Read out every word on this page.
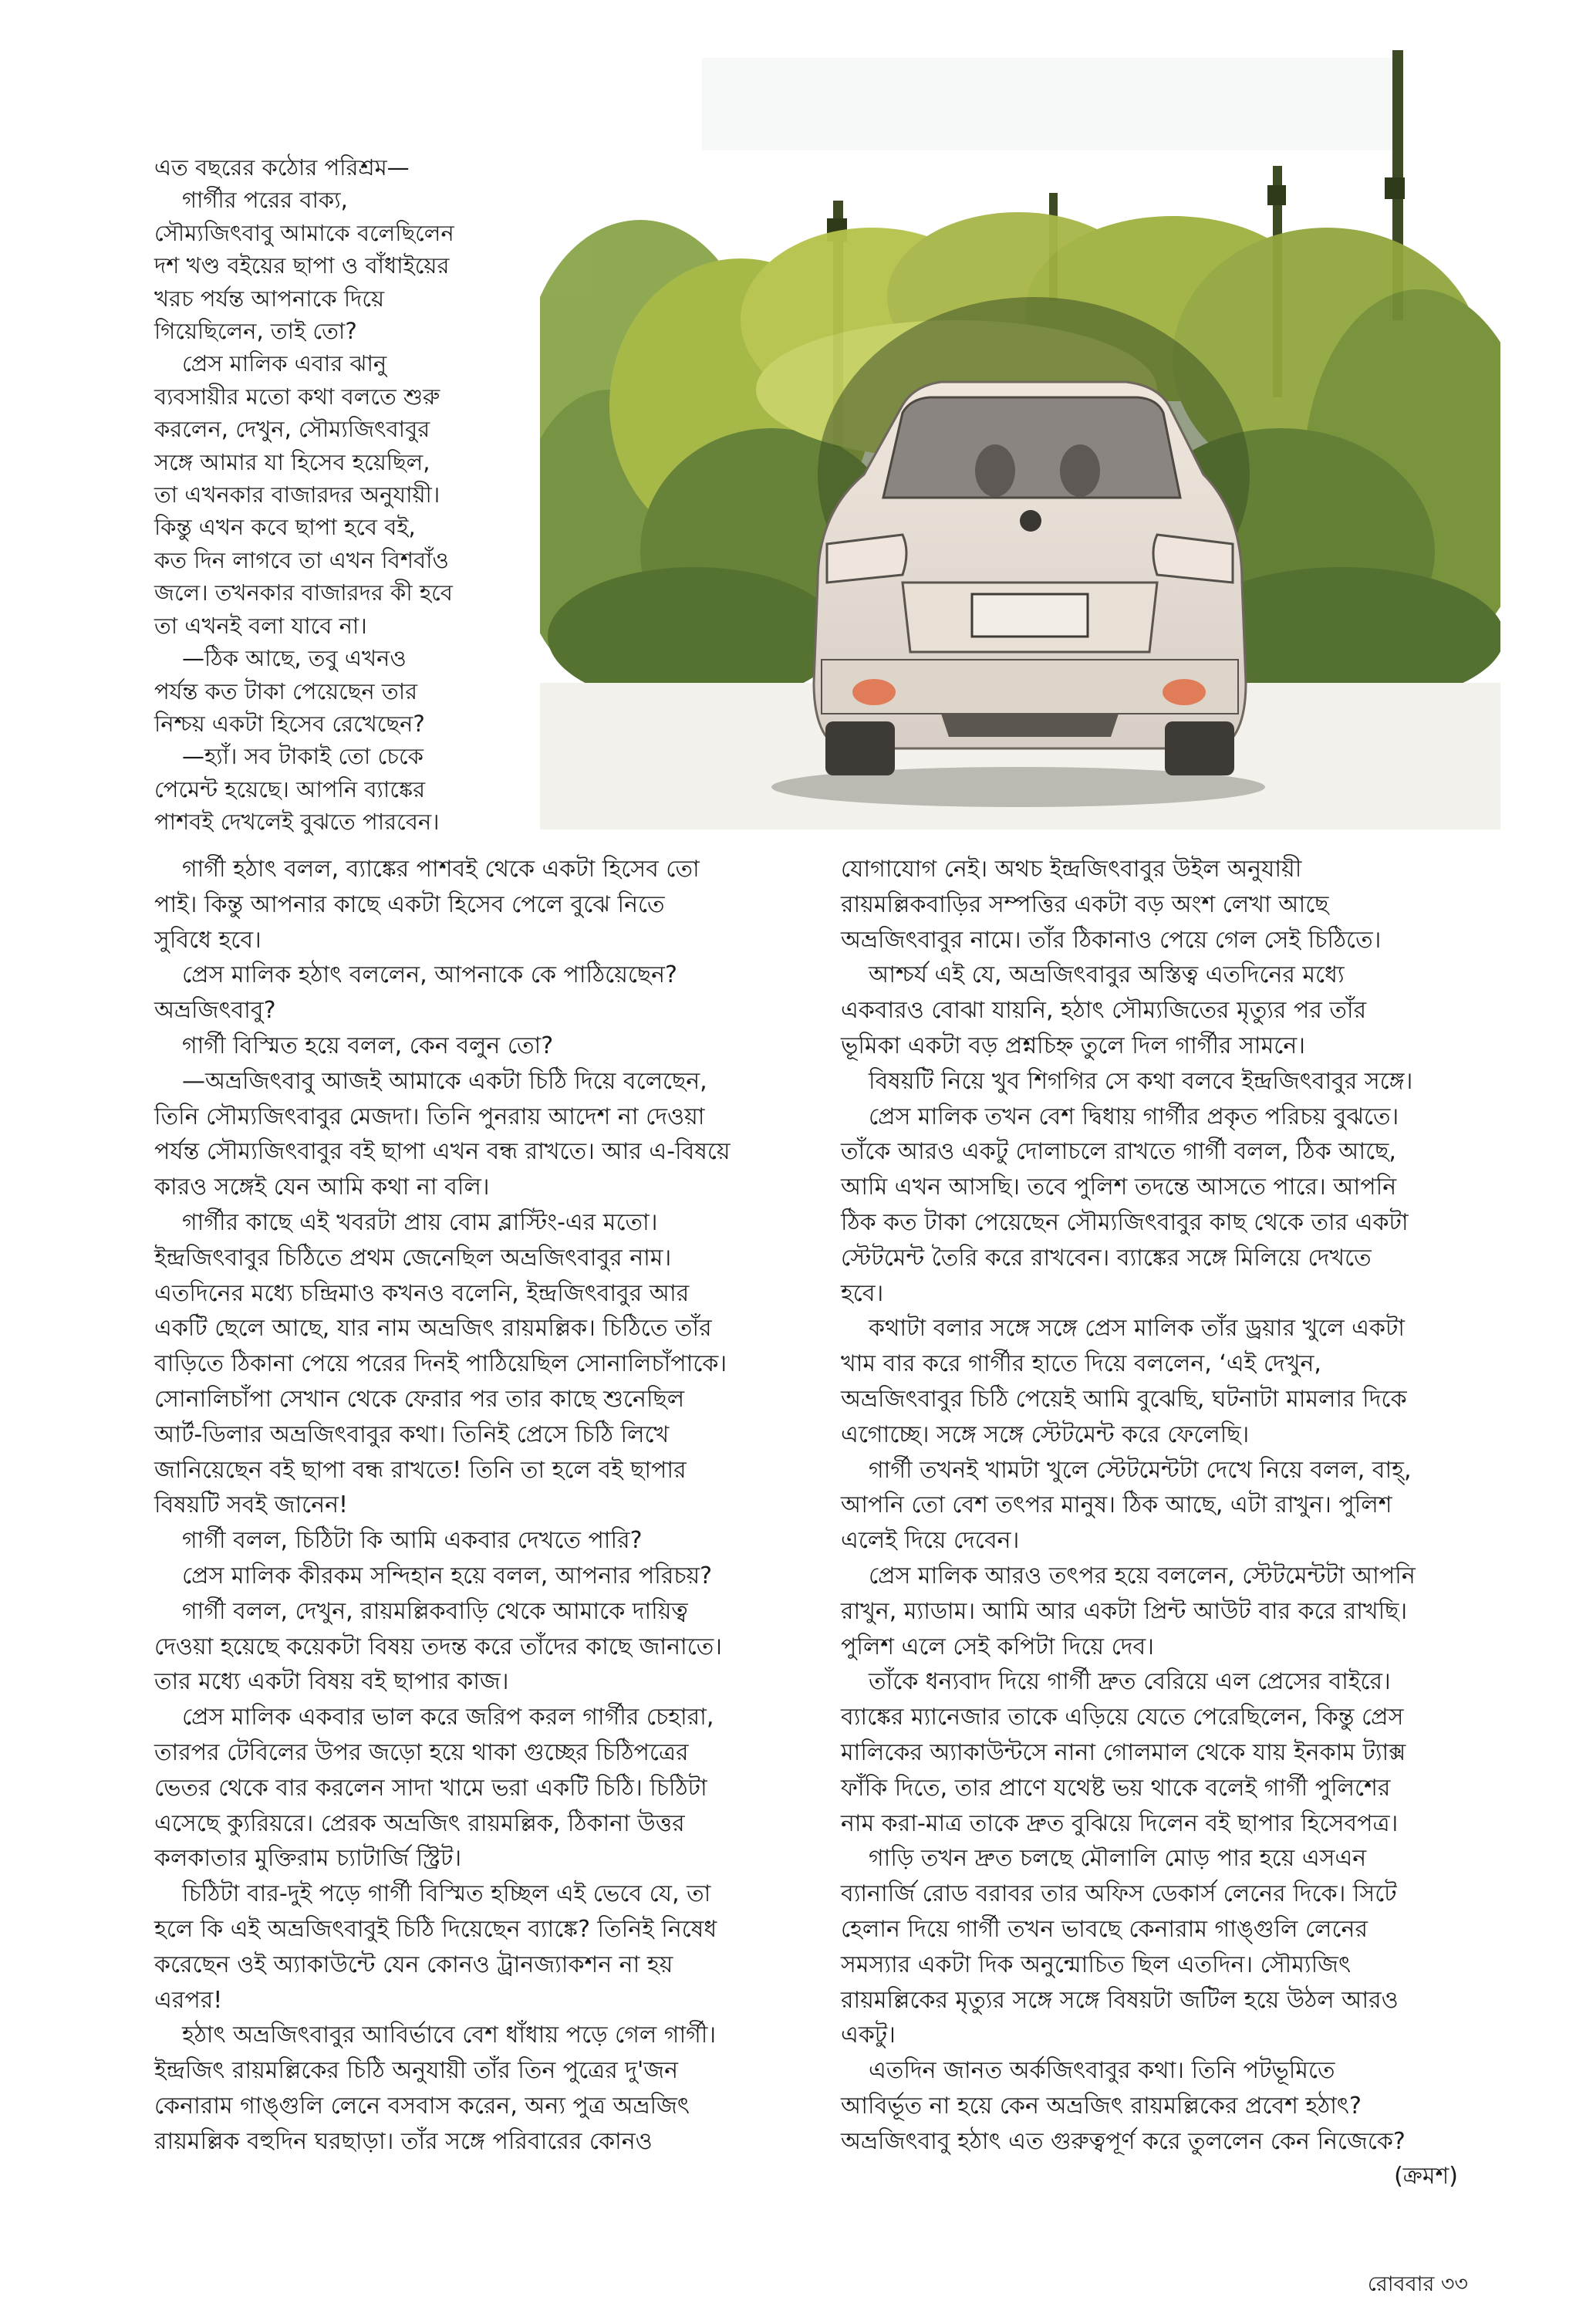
এত বছরের কঠোর পরিশ্রম—

গার্গীর পরের বাক্য,

সৌম্যজিৎবাবু আমাকে বলেছিলেন

দশ খণ্ড বইয়ের ছাপা ও বাঁধাইয়ের

খরচ পর্যন্ত আপনাকে দিয়ে

গিয়েছিলেন, তাই তো?

প্রেস মালিক এবার ঝানু

ব্যবসায়ীর মতো কথা বলতে শুরু

করলেন, দেখুন, সৌম্যজিৎবাবুর

সঙ্গে আমার যা হিসেব হয়েছিল,

তা এখনকার বাজারদর অনুযায়ী।

কিন্তু এখন কবে ছাপা হবে বই,

কত দিন লাগবে তা এখন বিশবাঁও

জলে। তখনকার বাজারদর কী হবে

তা এখনই বলা যাবে না।

—ঠিক আছে, তবু এখনও

পর্যন্ত কত টাকা পেয়েছেন তার

নিশ্চয় একটা হিসেব রেখেছেন?

—হ্যাঁ। সব টাকাই তো চেকে

পেমেন্ট হয়েছে। আপনি ব্যাঙ্কের

পাশবই দেখলেই বুঝতে পারবেন।

গার্গী হঠাৎ বলল, ব্যাঙ্কের পাশবই থেকে একটা হিসেব তো

পাই। কিন্তু আপনার কাছে একটা হিসেব পেলে বুঝে নিতে

সুবিধে হবে।

প্রেস মালিক হঠাৎ বললেন, আপনাকে কে পাঠিয়েছেন?

অভ্রজিৎবাবু?

গার্গী বিস্মিত হয়ে বলল, কেন বলুন তো?

—অভ্রজিৎবাবু আজই আমাকে একটা চিঠি দিয়ে বলেছেন,

তিনি সৌম্যজিৎবাবুর মেজদা। তিনি পুনরায় আদেশ না দেওয়া

পর্যন্ত সৌম্যজিৎবাবুর বই ছাপা এখন বন্ধ রাখতে। আর এ-বিষয়ে

কারও সঙ্গেই যেন আমি কথা না বলি।

গার্গীর কাছে এই খবরটা প্রায় বোম ব্লাস্টিং-এর মতো।

ইন্দ্রজিৎবাবুর চিঠিতে প্রথম জেনেছিল অভ্রজিৎবাবুর নাম।

এতদিনের মধ্যে চন্দ্রিমাও কখনও বলেনি, ইন্দ্রজিৎবাবুর আর

একটি ছেলে আছে, যার নাম অভ্রজিৎ রায়মল্লিক। চিঠিতে তাঁর

বাড়িতে ঠিকানা পেয়ে পরের দিনই পাঠিয়েছিল সোনালিচাঁপাকে।

সোনালিচাঁপা সেখান থেকে ফেরার পর তার কাছে শুনেছিল

আর্ট-ডিলার অভ্রজিৎবাবুর কথা। তিনিই প্রেসে চিঠি লিখে

জানিয়েছেন বই ছাপা বন্ধ রাখতে! তিনি তা হলে বই ছাপার

বিষয়টি সবই জানেন!

গার্গী বলল, চিঠিটা কি আমি একবার দেখতে পারি?

প্রেস মালিক কীরকম সন্দিহান হয়ে বলল, আপনার পরিচয়?

গার্গী বলল, দেখুন, রায়মল্লিকবাড়ি থেকে আমাকে দায়িত্ব

দেওয়া হয়েছে কয়েকটা বিষয় তদন্ত করে তাঁদের কাছে জানাতে।

তার মধ্যে একটা বিষয় বই ছাপার কাজ।

প্রেস মালিক একবার ভাল করে জরিপ করল গার্গীর চেহারা,

তারপর টেবিলের উপর জড়ো হয়ে থাকা গুচ্ছের চিঠিপত্রের

ভেতর থেকে বার করলেন সাদা খামে ভরা একটি চিঠি। চিঠিটা

এসেছে ক্যুরিয়রে। প্রেরক অভ্রজিৎ রায়মল্লিক, ঠিকানা উত্তর

কলকাতার মুক্তিরাম চ্যাটার্জি স্ট্রিট।

চিঠিটা বার-দুই পড়ে গার্গী বিস্মিত হচ্ছিল এই ভেবে যে, তা

হলে কি এই অভ্রজিৎবাবুই চিঠি দিয়েছেন ব্যাঙ্কে? তিনিই নিষেধ

করেছেন ওই অ্যাকাউন্টে যেন কোনও ট্রানজ্যাকশন না হয়

এরপর!

হঠাৎ অভ্রজিৎবাবুর আবির্ভাবে বেশ ধাঁধায় পড়ে গেল গার্গী।

ইন্দ্রজিৎ রায়মল্লিকের চিঠি অনুযায়ী তাঁর তিন পুত্রের দু'জন

কেনারাম গাঙ্গুলি লেনে বসবাস করেন, অন্য পুত্র অভ্রজিৎ

রায়মল্লিক বহুদিন ঘরছাড়া। তাঁর সঙ্গে পরিবারের কোনও

যোগাযোগ নেই। অথচ ইন্দ্রজিৎবাবুর উইল অনুযায়ী

রায়মল্লিকবাড়ির সম্পত্তির একটা বড় অংশ লেখা আছে

অভ্রজিৎবাবুর নামে। তাঁর ঠিকানাও পেয়ে গেল সেই চিঠিতে।

আশ্চর্য এই যে, অভ্রজিৎবাবুর অস্তিত্ব এতদিনের মধ্যে

একবারও বোঝা যায়নি, হঠাৎ সৌম্যজিতের মৃত্যুর পর তাঁর

ভূমিকা একটা বড় প্রশ্নচিহ্ন তুলে দিল গার্গীর সামনে।

বিষয়টি নিয়ে খুব শিগগির সে কথা বলবে ইন্দ্রজিৎবাবুর সঙ্গে।

প্রেস মালিক তখন বেশ দ্বিধায় গার্গীর প্রকৃত পরিচয় বুঝতে।

তাঁকে আরও একটু দোলাচলে রাখতে গার্গী বলল, ঠিক আছে,

আমি এখন আসছি। তবে পুলিশ তদন্তে আসতে পারে। আপনি

ঠিক কত টাকা পেয়েছেন সৌম্যজিৎবাবুর কাছ থেকে তার একটা

স্টেটমেন্ট তৈরি করে রাখবেন। ব্যাঙ্কের সঙ্গে মিলিয়ে দেখতে

হবে।

কথাটা বলার সঙ্গে সঙ্গে প্রেস মালিক তাঁর ড্রয়ার খুলে একটা

খাম বার করে গার্গীর হাতে দিয়ে বললেন, ‘এই দেখুন,

অভ্রজিৎবাবুর চিঠি পেয়েই আমি বুঝেছি, ঘটনাটা মামলার দিকে

এগোচ্ছে। সঙ্গে সঙ্গে স্টেটমেন্ট করে ফেলেছি।

গার্গী তখনই খামটা খুলে স্টেটমেন্টটা দেখে নিয়ে বলল, বাহ্‌,

আপনি তো বেশ তৎপর মানুষ। ঠিক আছে, এটা রাখুন। পুলিশ

এলেই দিয়ে দেবেন।

প্রেস মালিক আরও তৎপর হয়ে বললেন, স্টেটমেন্টটা আপনি

রাখুন, ম্যাডাম। আমি আর একটা প্রিন্ট আউট বার করে রাখছি।

পুলিশ এলে সেই কপিটা দিয়ে দেব।

তাঁকে ধন্যবাদ দিয়ে গার্গী দ্রুত বেরিয়ে এল প্রেসের বাইরে।

ব্যাঙ্কের ম্যানেজার তাকে এড়িয়ে যেতে পেরেছিলেন, কিন্তু প্রেস

মালিকের অ্যাকাউন্টসে নানা গোলমাল থেকে যায় ইনকাম ট্যাক্স

ফাঁকি দিতে, তার প্রাণে যথেষ্ট ভয় থাকে বলেই গার্গী পুলিশের

নাম করা-মাত্র তাকে দ্রুত বুঝিয়ে দিলেন বই ছাপার হিসেবপত্র।

গাড়ি তখন দ্রুত চলছে মৌলালি মোড় পার হয়ে এসএন

ব্যানার্জি রোড বরাবর তার অফিস ডেকার্স লেনের দিকে। সিটে

হেলান দিয়ে গার্গী তখন ভাবছে কেনারাম গাঙ্গুলি লেনের

সমস্যার একটা দিক অনুন্মোচিত ছিল এতদিন। সৌম্যজিৎ

রায়মল্লিকের মৃত্যুর সঙ্গে সঙ্গে বিষয়টা জটিল হয়ে উঠল আরও

একটু।

এতদিন জানত অর্কজিৎবাবুর কথা। তিনি পটভূমিতে

আবির্ভূত না হয়ে কেন অভ্রজিৎ রায়মল্লিকের প্রবেশ হঠাৎ?

অভ্রজিৎবাবু হঠাৎ এত গুরুত্বপূর্ণ করে তুললেন কেন নিজেকে?

(ক্রমশ)

রোববার ৩৩
